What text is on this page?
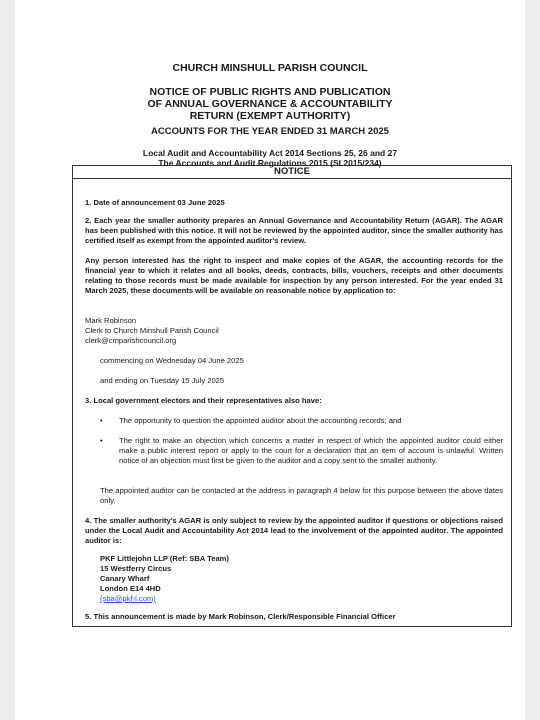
CHURCH MINSHULL PARISH COUNCIL
NOTICE OF PUBLIC RIGHTS AND PUBLICATION
OF ANNUAL GOVERNANCE & ACCOUNTABILITY
RETURN (EXEMPT AUTHORITY)
ACCOUNTS FOR THE YEAR ENDED 31 MARCH 2025
Local Audit and Accountability Act 2014 Sections 25, 26 and 27
The Accounts and Audit Regulations 2015 (SI 2015/234)
NOTICE
1. Date of announcement 03 June 2025
2. Each year the smaller authority prepares an Annual Governance and Accountability Return (AGAR). The AGAR has been published with this notice. It will not be reviewed by the appointed auditor, since the smaller authority has certified itself as exempt from the appointed auditor's review.
Any person interested has the right to inspect and make copies of the AGAR, the accounting records for the financial year to which it relates and all books, deeds, contracts, bills, vouchers, receipts and other documents relating to those records must be made available for inspection by any person interested. For the year ended 31 March 2025, these documents will be available on reasonable notice by application to:
Mark Robinson
Clerk to Church Minshull Parish Council
clerk@cmparishcouncil.org
commencing on Wednesday 04 June 2025
and ending on Tuesday 15 July 2025
3. Local government electors and their representatives also have:
• The opportunity to question the appointed auditor about the accounting records; and
• The right to make an objection which concerns a matter in respect of which the appointed auditor could either make a public interest report or apply to the court for a declaration that an item of account is unlawful. Written notice of an objection must first be given to the auditor and a copy sent to the smaller authority.
The appointed auditor can be contacted at the address in paragraph 4 below for this purpose between the above dates only.
4. The smaller authority's AGAR is only subject to review by the appointed auditor if questions or objections raised under the Local Audit and Accountability Act 2014 lead to the involvement of the appointed auditor. The appointed auditor is:
PKF Littlejohn LLP (Ref: SBA Team)
15 Westferry Circus
Canary Wharf
London E14 4HD
(sba@pkf-l.com)
5. This announcement is made by Mark Robinson, Clerk/Responsible Financial Officer
